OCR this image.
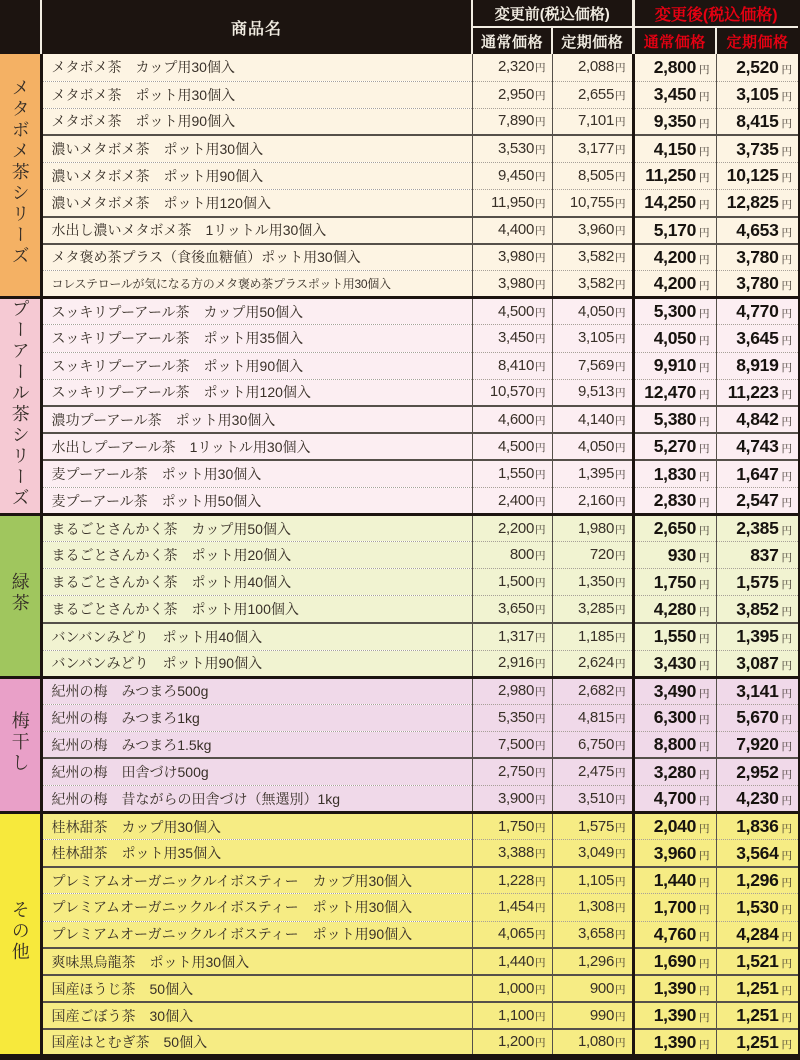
	商品名	変更前(税込価格)		変更後(税込価格)	
		通常価格	定期価格	通常価格	定期価格
メタボメ茶シリーズ	メタボメ茶　カップ用30個入	2,320円	2,088円	2,800 円	2,520 円
	メタボメ茶　ポット用30個入	2,950円	2,655円	3,450 円	3,105 円
	メタボメ茶　ポット用90個入	7,890円	7,101円	9,350 円	8,415 円
	濃いメタボメ茶　ポット用30個入	3,530円	3,177円	4,150 円	3,735 円
	濃いメタボメ茶　ポット用90個入	9,450円	8,505円	11,250 円	10,125 円
	濃いメタボメ茶　ポット用120個入	11,950円	10,755円	14,250 円	12,825 円
	水出し濃いメタボメ茶　1リットル用30個入	4,400円	3,960円	5,170 円	4,653 円
	メタ褒め茶プラス（食後血糖値）ポット用30個入	3,980円	3,582円	4,200 円	3,780 円
	コレステロールが気になる方のメタ褒め茶プラスポット用30個入	3,980円	3,582円	4,200 円	3,780 円
プーアール茶シリーズ	スッキリプーアール茶　カップ用50個入	4,500円	4,050円	5,300 円	4,770 円
	スッキリプーアール茶　ポット用35個入	3,450円	3,105円	4,050 円	3,645 円
	スッキリプーアール茶　ポット用90個入	8,410円	7,569円	9,910 円	8,919 円
	スッキリプーアール茶　ポット用120個入	10,570円	9,513円	12,470 円	11,223 円
	濃功プーアール茶　ポット用30個入	4,600円	4,140円	5,380 円	4,842 円
	水出しプーアール茶　1リットル用30個入	4,500円	4,050円	5,270 円	4,743 円
	麦プーアール茶　ポット用30個入	1,550円	1,395円	1,830 円	1,647 円
	麦プーアール茶　ポット用50個入	2,400円	2,160円	2,830 円	2,547 円
緑茶	まるごとさんかく茶　カップ用50個入	2,200円	1,980円	2,650 円	2,385 円
	まるごとさんかく茶　ポット用20個入	800円	720円	930 円	837 円
	まるごとさんかく茶　ポット用40個入	1,500円	1,350円	1,750 円	1,575 円
	まるごとさんかく茶　ポット用100個入	3,650円	3,285円	4,280 円	3,852 円
	バンバンみどり　ポット用40個入	1,317円	1,185円	1,550 円	1,395 円
	バンバンみどり　ポット用90個入	2,916円	2,624円	3,430 円	3,087 円
梅干し	紀州の梅　みつまろ500g	2,980円	2,682円	3,490 円	3,141 円
	紀州の梅　みつまろ1kg	5,350円	4,815円	6,300 円	5,670 円
	紀州の梅　みつまろ1.5kg	7,500円	6,750円	8,800 円	7,920 円
	紀州の梅　田舎づけ500g	2,750円	2,475円	3,280 円	2,952 円
	紀州の梅　昔ながらの田舎づけ（無選別）1kg	3,900円	3,510円	4,700 円	4,230 円
その他	桂林甜茶　カップ用30個入	1,750円	1,575円	2,040 円	1,836 円
	桂林甜茶　ポット用35個入	3,388円	3,049円	3,960 円	3,564 円
	プレミアムオーガニックルイボスティー　カップ用30個入	1,228円	1,105円	1,440 円	1,296 円
	プレミアムオーガニックルイボスティー　ポット用30個入	1,454円	1,308円	1,700 円	1,530 円
	プレミアムオーガニックルイボスティー　ポット用90個入	4,065円	3,658円	4,760 円	4,284 円
	爽味黒烏龍茶　ポット用30個入	1,440円	1,296円	1,690 円	1,521 円
	国産ほうじ茶　50個入	1,000円	900円	1,390 円	1,251 円
	国産ごぼう茶　30個入	1,100円	990円	1,390 円	1,251 円
	国産はとむぎ茶　50個入	1,200円	1,080円	1,390 円	1,251 円
